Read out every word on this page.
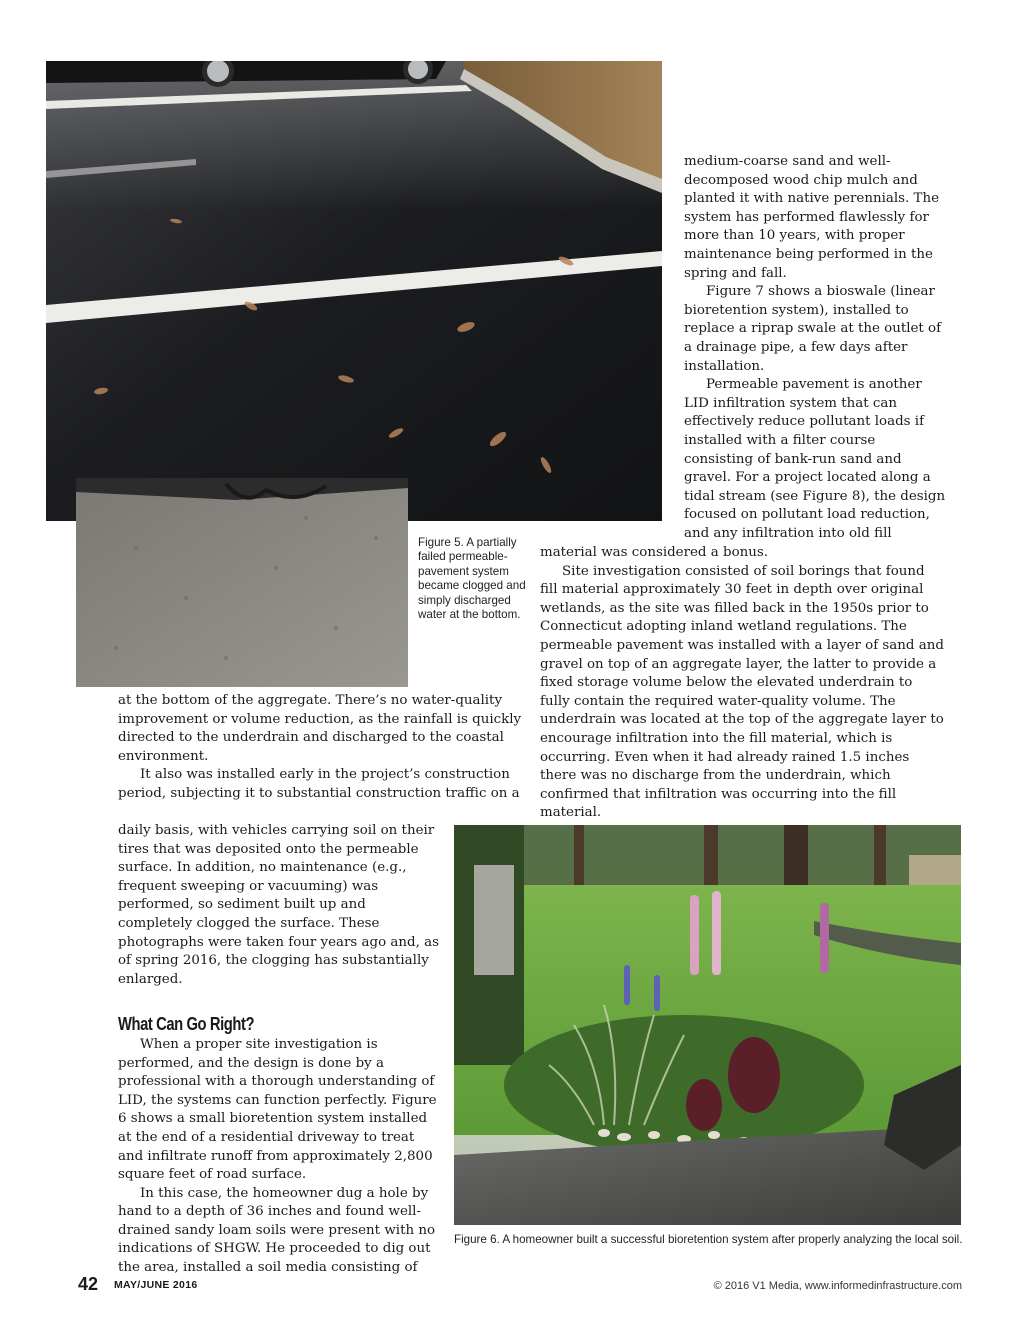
Figure 5. A partially failed permeable-pavement system became clogged and simply discharged water at the bottom.

medium-coarse sand and well-decomposed wood chip mulch and planted it with native perennials. The system has performed flawlessly for more than 10 years, with proper maintenance being performed in the spring and fall.

Figure 7 shows a bioswale (linear bioretention system), installed to replace a riprap swale at the outlet of a drainage pipe, a few days after installation.

Permeable pavement is another LID infiltration system that can effectively reduce pollutant loads if installed with a filter course consisting of bank-run sand and gravel. For a project located along a tidal stream (see Figure 8), the design focused on pollutant load reduction, and any infiltration into old fill

material was considered a bonus.

Site investigation consisted of soil borings that found fill material approximately 30 feet in depth over original wetlands, as the site was filled back in the 1950s prior to Connecticut adopting inland wetland regulations. The permeable pavement was installed with a layer of sand and gravel on top of an aggregate layer, the latter to provide a fixed storage volume below the elevated underdrain to fully contain the required water-quality volume. The underdrain was located at the top of the aggregate layer to encourage infiltration into the fill material, which is occurring. Even when it had already rained 1.5 inches there was no discharge from the underdrain, which confirmed that infiltration was occurring into the fill material.

at the bottom of the aggregate. There’s no water-quality improvement or volume reduction, as the rainfall is quickly directed to the underdrain and discharged to the coastal environment.

It also was installed early in the project’s construction period, subjecting it to substantial construction traffic on a

daily basis, with vehicles carrying soil on their tires that was deposited onto the permeable surface. In addition, no maintenance (e.g., frequent sweeping or vacuuming) was performed, so sediment built up and completely clogged the surface. These photographs were taken four years ago and, as of spring 2016, the clogging has substantially enlarged.

What Can Go Right?

When a proper site investigation is performed, and the design is done by a professional with a thorough understanding of LID, the systems can function perfectly. Figure 6 shows a small bioretention system installed at the end of a residential driveway to treat and infiltrate runoff from approximately 2,800 square feet of road surface.

In this case, the homeowner dug a hole by hand to a depth of 36 inches and found well-drained sandy loam soils were present with no indications of SHGW. He proceeded to dig out the area, installed a soil media consisting of

Figure 6. A homeowner built a successful bioretention system after properly analyzing the local soil.
42 MAY/JUNE 2016	© 2016 V1 Media, www.informedinfrastructure.com
